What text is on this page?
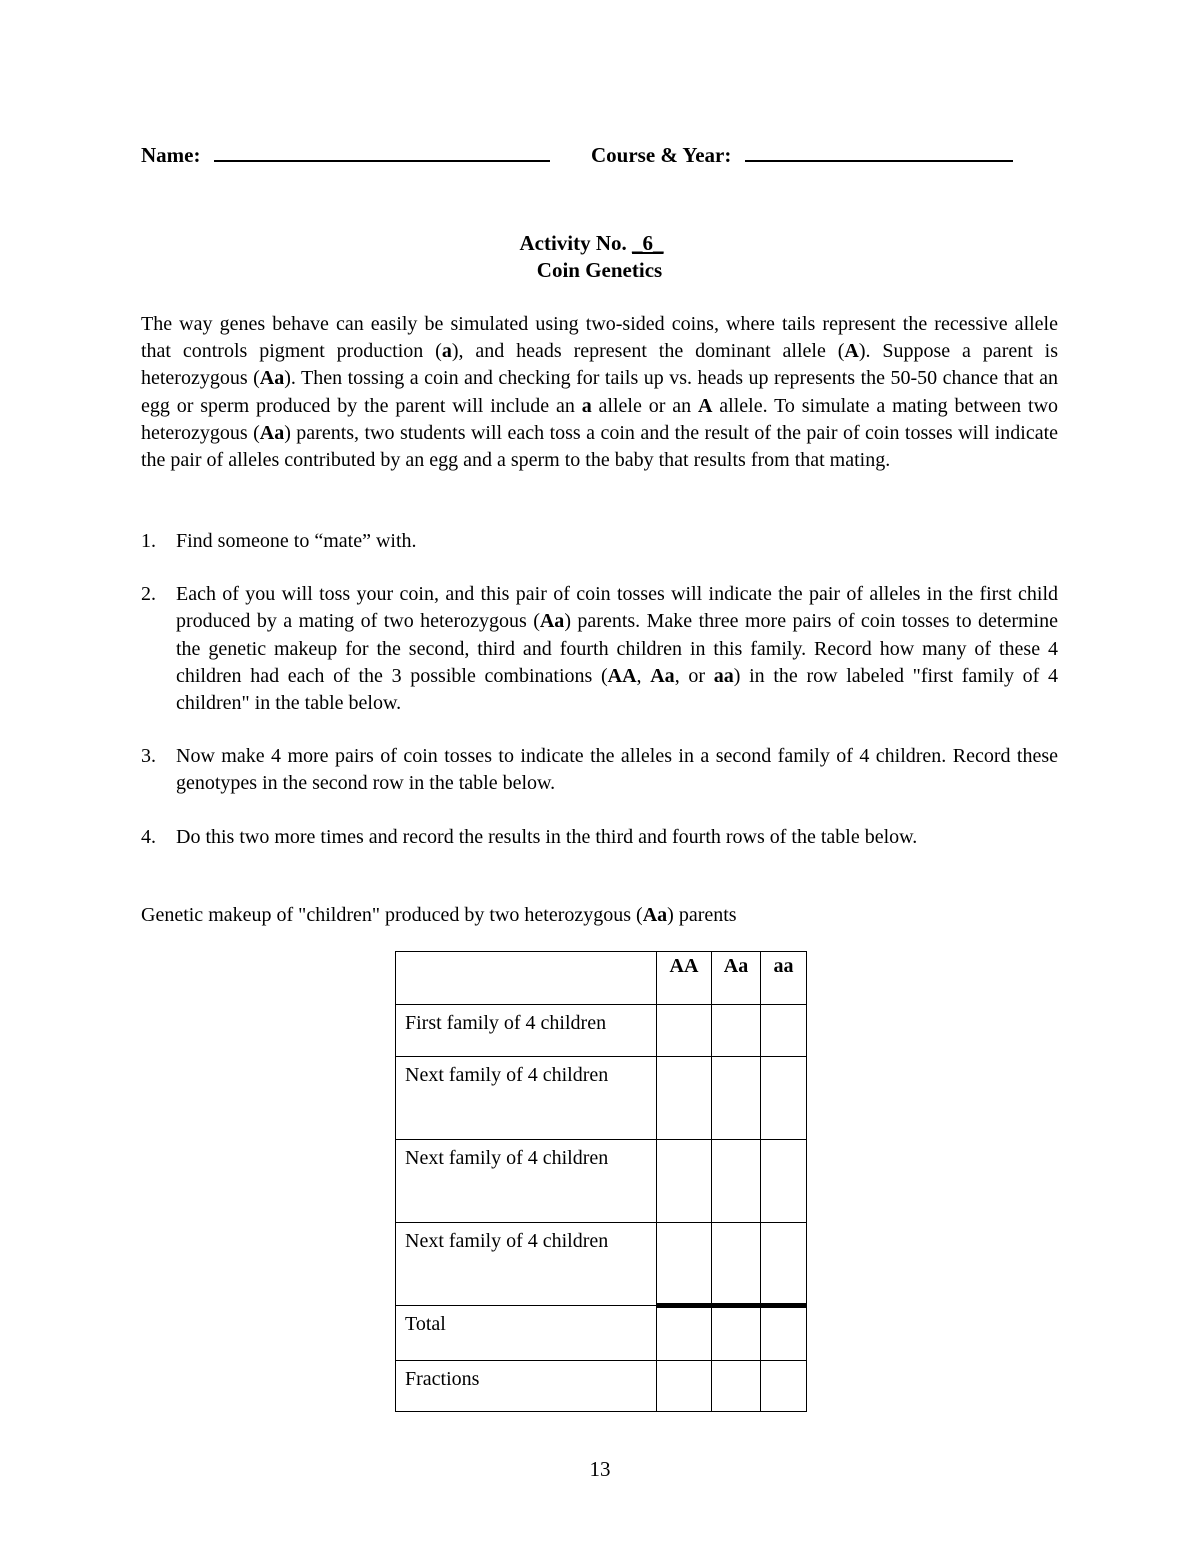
Name:	Course & Year:
Activity No. _6_
Coin Genetics

The way genes behave can easily be simulated using two-sided coins, where tails represent the recessive allele that controls pigment production (a), and heads represent the dominant allele (A). Suppose a parent is heterozygous (Aa). Then tossing a coin and checking for tails up vs. heads up represents the 50-50 chance that an egg or sperm produced by the parent will include an a allele or an A allele. To simulate a mating between two heterozygous (Aa) parents, two students will each toss a coin and the result of the pair of coin tosses will indicate the pair of alleles contributed by an egg and a sperm to the baby that results from that mating.

1. Find someone to “mate” with.
2. Each of you will toss your coin, and this pair of coin tosses will indicate the pair of alleles in the first child produced by a mating of two heterozygous (Aa) parents. Make three more pairs of coin tosses to determine the genetic makeup for the second, third and fourth children in this family. Record how many of these 4 children had each of the 3 possible combinations (AA, Aa, or aa) in the row labeled "first family of 4 children" in the table below.
3. Now make 4 more pairs of coin tosses to indicate the alleles in a second family of 4 children. Record these genotypes in the second row in the table below.
4. Do this two more times and record the results in the third and fourth rows of the table below.
Genetic makeup of "children" produced by two heterozygous (Aa) parents
	AA	Aa	aa
First family of 4 children			
Next family of 4 children			
Next family of 4 children			
Next family of 4 children			
Total			
Fractions			
13
